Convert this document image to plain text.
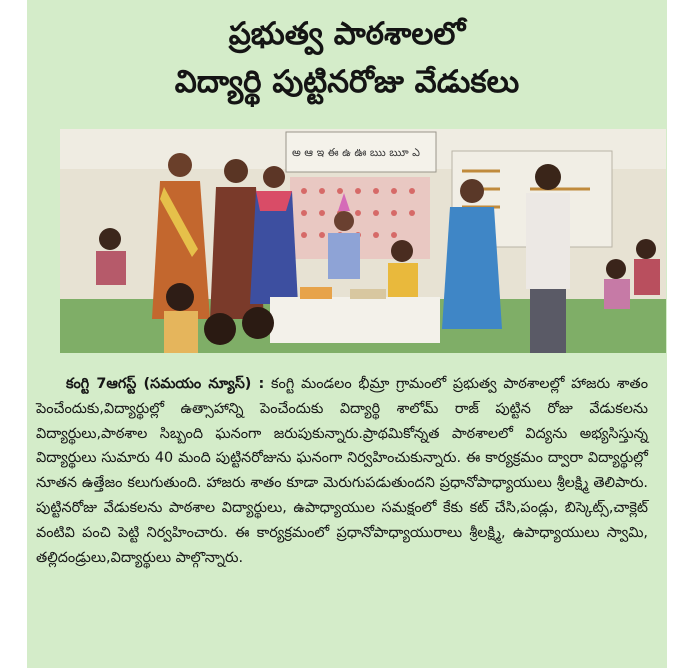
ప్రభుత్వ పాఠశాలలో
విద్యార్థి పుట్టినరోజు వేడుకలు
అ ఆ ఇ ఈ ఉ ఊ ఋ ౠ ఎ
కంగ్టి 7ఆగస్ట్ (సమయం న్యూస్) : కంగ్టి మండలం భీమ్రా గ్రామంలో ప్రభుత్వ పాఠశాలల్లో హాజరు శాతం పెంచేందుకు,విద్యార్థుల్లో ఉత్సాహాన్ని పెంచేందుకు విద్యార్థి శాలోమ్ రాజ్ పుట్టిన రోజు వేడుకలను విద్యార్థులు,పాఠశాల సిబ్బంది ఘనంగా జరుపుకున్నారు.ప్రాథమికోన్నత పాఠశాలలో విద్యను అభ్యసిస్తున్న విద్యార్థులు సుమారు 40 మంది పుట్టినరోజును ఘనంగా నిర్వహించుకున్నారు. ఈ కార్యక్రమం ద్వారా విద్యార్థుల్లో నూతన ఉత్తేజం కలుగుతుంది. హాజరు శాతం కూడా మెరుగుపడుతుందని ప్రధానోపాధ్యాయులు శ్రీలక్ష్మి తెలిపారు. పుట్టినరోజు వేడుకలను పాఠశాల విద్యార్థులు, ఉపాధ్యాయుల సమక్షంలో కేకు కట్ చేసి,పండ్లు, బిస్కెట్స్,చాక్లెట్ వంటివి పంచి పెట్టి నిర్వహించారు. ఈ కార్యక్రమంలో ప్రధానోపాధ్యాయురాలు శ్రీలక్ష్మి, ఉపాధ్యాయులు స్వామి, తల్లిదండ్రులు,విద్యార్థులు పాల్గొన్నారు.
